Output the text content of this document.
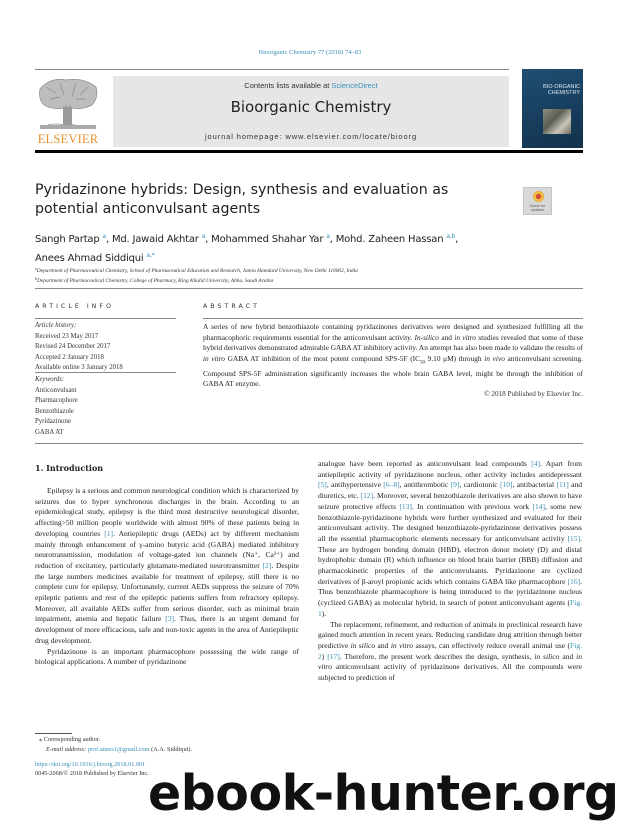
Bioorganic Chemistry 77 (2018) 74–83
ELSEVIER
Contents lists available at ScienceDirect
Bioorganic Chemistry
journal homepage: www.elsevier.com/locate/bioorg
BIO-ORGANIC
CHEMISTRY
Pyridazinone hybrids: Design, synthesis and evaluation as potential anticonvulsant agents	Check for
updates
Sangh Partap $^a$, Md. Jawaid Akhtar $^a$, Mohammed Shahar Yar $^a$, Mohd. Zaheen Hassan $^{a,b}$,
Anees Ahmad Siddiqui $^{a,*}$
$^a$Department of Pharmaceutical Chemistry, School of Pharmaceutical Education and Research, Jamia Hamdard University, New Delhi 110062, India
$^b$Department of Pharmaceutical Chemistry, College of Pharmacy, King Khalid University, Abha, Saudi Arabia
ARTICLE INFO	ABSTRACT
Article history:
Received 23 May 2017
Revised 24 December 2017
Accepted 2 January 2018
Available online 3 January 2018
Keywords:
Anticonvulsant
Pharmacophore
Benzothiazole
Pyridazinone
GABA AT
A series of new hybrid benzothiazole containing pyridazinones derivatives were designed and synthesized fulfilling all the pharmacophoric requirements essential for the anticonvulsant activity. In-silico and in vitro studies revealed that some of these hybrid derivatives demonstrated admirable GABA AT inhibitory activity. An attempt has also been made to validate the results of in vitro GABA AT inhibition of the most potent compound SPS-5F ($IC_{50}$ 9.10 μM) through in vivo anticonvulsant screening. Compound SPS-5F administration significantly increases the whole brain GABA level, might be through the inhibition of GABA AT enzyme.
© 2018 Published by Elsevier Inc.
1. Introduction

Epilepsy is a serious and common neurological condition which is characterized by seizures due to hyper synchronous discharges in the brain. According to an epidemiological study, epilepsy is the third most destructive neurological disorder, affecting>50 million people worldwide with almost 90% of these patients being in developing countries [1]. Antiepileptic drugs (AEDs) act by different mechanism mainly through enhancement of γ-amino butyric acid (GABA) mediated inhibitory neurotransmission, modulation of voltage-gated ion channels (Na⁺, Ca²⁺) and reduction of excitatory, particularly glutamate-mediated neurotransmitter [2]. Despite the large numbers medicines available for treatment of epilepsy, still there is no complete cure for epilepsy. Unfortunately, current AEDs suppress the seizure of 70% epileptic patients and rest of the epileptic patients suffers from refractory epilepsy. Moreover, all available AEDs suffer from serious disorder, such as minimal brain impairment, anemia and hepatic failure [3]. Thus, there is an urgent demand for development of more efficacious, safe and non-toxic agents in the area of Antiepileptic drug development.

Pyridazinone is an important pharmacophore possessing the wide range of biological applications. A number of pyridazinone

analogue have been reported as anticonvulsant lead compounds [4]. Apart from antiepileptic activity of pyridazinone nucleus, other activity includes antidepressant [5], antihypertensive [6–8], antithrombotic [9], cardiotonic [10], antibacterial [11] and diuretics, etc. [12]. Moreover, several benzothiazole derivatives are also shown to have seizure protective effects [13]. In continuation with previous work [14], some new benzothiazole-pyridazinone hybrids were further synthesized and evaluated for their anticonvulsant activity. The designed benzothiazole-pyridazinone derivatives possess all the essential pharmacophoric elements necessary for anticonvulsant activity [15]. These are hydrogen bonding domain (HBD), electron donor moiety (D) and distal hydrophobic domain (R) which influence on blood brain barrier (BBB) diffusion and pharmacokinetic properties of the anticonvulsants. Pyridazinone are cyclized derivatives of β-aroyl propionic acids which contains GABA like pharmacophore [16]. Thus benzothiazole pharmacophore is being introduced to the pyridazinone nucleus (cyclized GABA) as molecular hybrid, in search of potent anticonvulsant agents (Fig. 1).

The replacement, refinement, and reduction of animals in preclinical research have gained much attention in recent years. Reducing candidate drug attrition through better predictive in silico and in vitro assays, can effectively reduce overall animal use (Fig. 2) [17]. Therefore, the present work describes the design, synthesis, in silico and in vitro anticonvulsant activity of pyridazinone derivatives. All the compounds were subjected to prediction of

⁎ Corresponding author.
E-mail address: prof.anees1@gmail.com (A.A. Siddiqui).
https://doi.org/10.1016/j.bioorg.2018.01.001
0045-2068/© 2018 Published by Elsevier Inc. ebook-hunter.org
